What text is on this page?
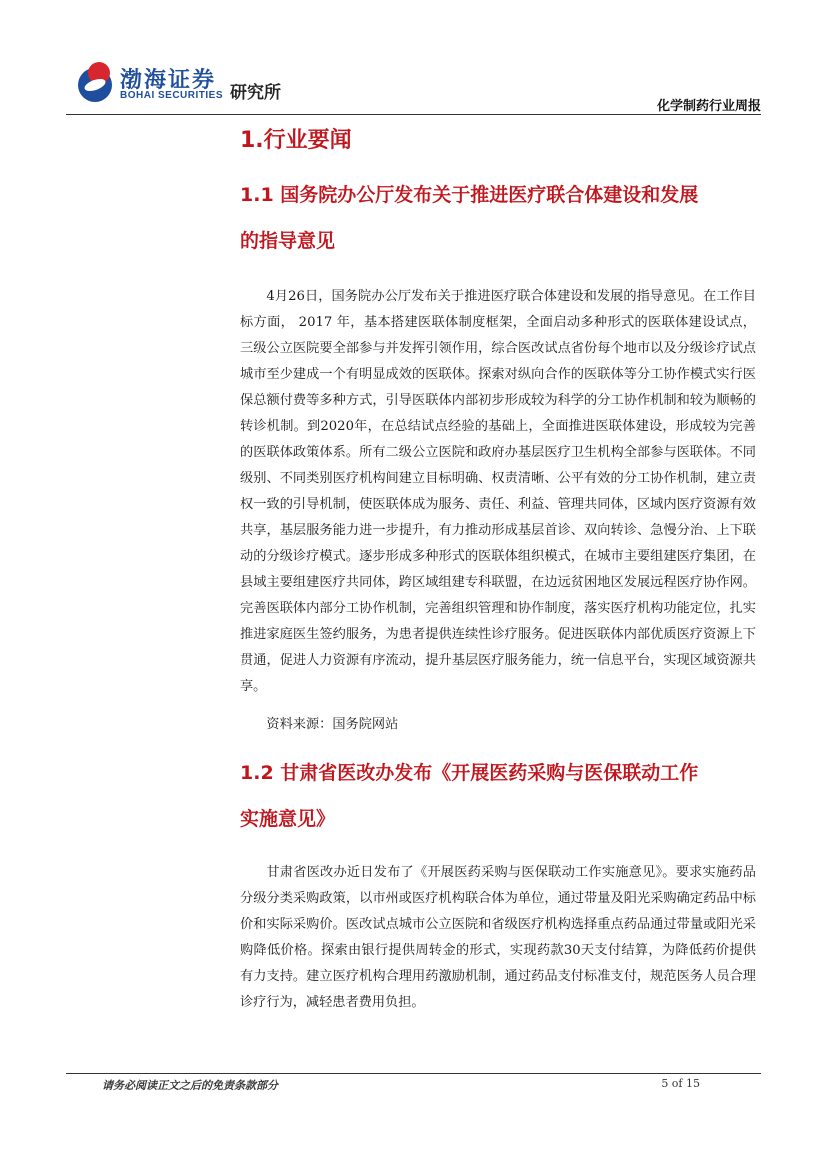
渤海证券
BOHAI SECURITIES 研究所
化学制药行业周报
1.行业要闻
1.1 国务院办公厅发布关于推进医疗联合体建设和发展
的指导意见

4月26日，国务院办公厅发布关于推进医疗联合体建设和发展的指导意见。在工作目标方面， 2017 年，基本搭建医联体制度框架，全面启动多种形式的医联体建设试点，三级公立医院要全部参与并发挥引领作用，综合医改试点省份每个地市以及分级诊疗试点城市至少建成一个有明显成效的医联体。探索对纵向合作的医联体等分工协作模式实行医保总额付费等多种方式，引导医联体内部初步形成较为科学的分工协作机制和较为顺畅的转诊机制。到2020年，在总结试点经验的基础上，全面推进医联体建设，形成较为完善的医联体政策体系。所有二级公立医院和政府办基层医疗卫生机构全部参与医联体。不同级别、不同类别医疗机构间建立目标明确、权责清晰、公平有效的分工协作机制，建立责权一致的引导机制，使医联体成为服务、责任、利益、管理共同体，区域内医疗资源有效共享，基层服务能力进一步提升，有力推动形成基层首诊、双向转诊、急慢分治、上下联动的分级诊疗模式。逐步形成多种形式的医联体组织模式，在城市主要组建医疗集团，在县域主要组建医疗共同体，跨区域组建专科联盟，在边远贫困地区发展远程医疗协作网。完善医联体内部分工协作机制，完善组织管理和协作制度，落实医疗机构功能定位，扎实推进家庭医生签约服务，为患者提供连续性诊疗服务。促进医联体内部优质医疗资源上下贯通，促进人力资源有序流动，提升基层医疗服务能力，统一信息平台，实现区域资源共享。

资料来源：国务院网站

1.2 甘肃省医改办发布《开展医药采购与医保联动工作
实施意见》

甘肃省医改办近日发布了《开展医药采购与医保联动工作实施意见》。要求实施药品分级分类采购政策，以市州或医疗机构联合体为单位，通过带量及阳光采购确定药品中标价和实际采购价。医改试点城市公立医院和省级医疗机构选择重点药品通过带量或阳光采购降低价格。探索由银行提供周转金的形式，实现药款30天支付结算，为降低药价提供有力支持。建立医疗机构合理用药激励机制，通过药品支付标准支付，规范医务人员合理诊疗行为，减轻患者费用负担。

请务必阅读正文之后的免责条款部分	5 of 15
